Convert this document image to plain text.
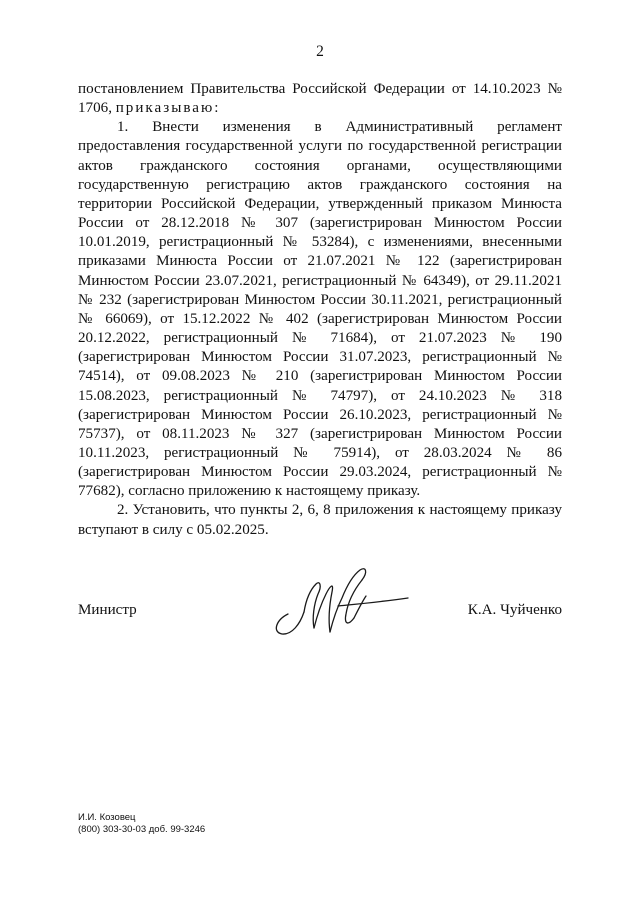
2

постановлением Правительства Российской Федерации от 14.10.2023 № 1706, приказываю:

1. Внести изменения в Административный регламент предоставления государственной услуги по государственной регистрации актов гражданского состояния органами, осуществляющими государственную регистрацию актов гражданского состояния на территории Российской Федерации, утвержденный приказом Минюста России от 28.12.2018 № 307 (зарегистрирован Минюстом России 10.01.2019, регистрационный № 53284), с изменениями, внесенными приказами Минюста России от 21.07.2021 № 122 (зарегистрирован Минюстом России 23.07.2021, регистрационный № 64349), от 29.11.2021 № 232 (зарегистрирован Минюстом России 30.11.2021, регистрационный № 66069), от 15.12.2022 № 402 (зарегистрирован Минюстом России 20.12.2022, регистрационный № 71684), от 21.07.2023 № 190 (зарегистрирован Минюстом России 31.07.2023, регистрационный № 74514), от 09.08.2023 № 210 (зарегистрирован Минюстом России 15.08.2023, регистрационный № 74797), от 24.10.2023 № 318 (зарегистрирован Минюстом России 26.10.2023, регистрационный № 75737), от 08.11.2023 № 327 (зарегистрирован Минюстом России 10.11.2023, регистрационный № 75914), от 28.03.2024 № 86 (зарегистрирован Минюстом России 29.03.2024, регистрационный № 77682), согласно приложению к настоящему приказу.

2. Установить, что пункты 2, 6, 8 приложения к настоящему приказу вступают в силу с 05.02.2025.

Министр	К.А. Чуйченко
И.И. Козовец
(800) 303-30-03 доб. 99-3246
